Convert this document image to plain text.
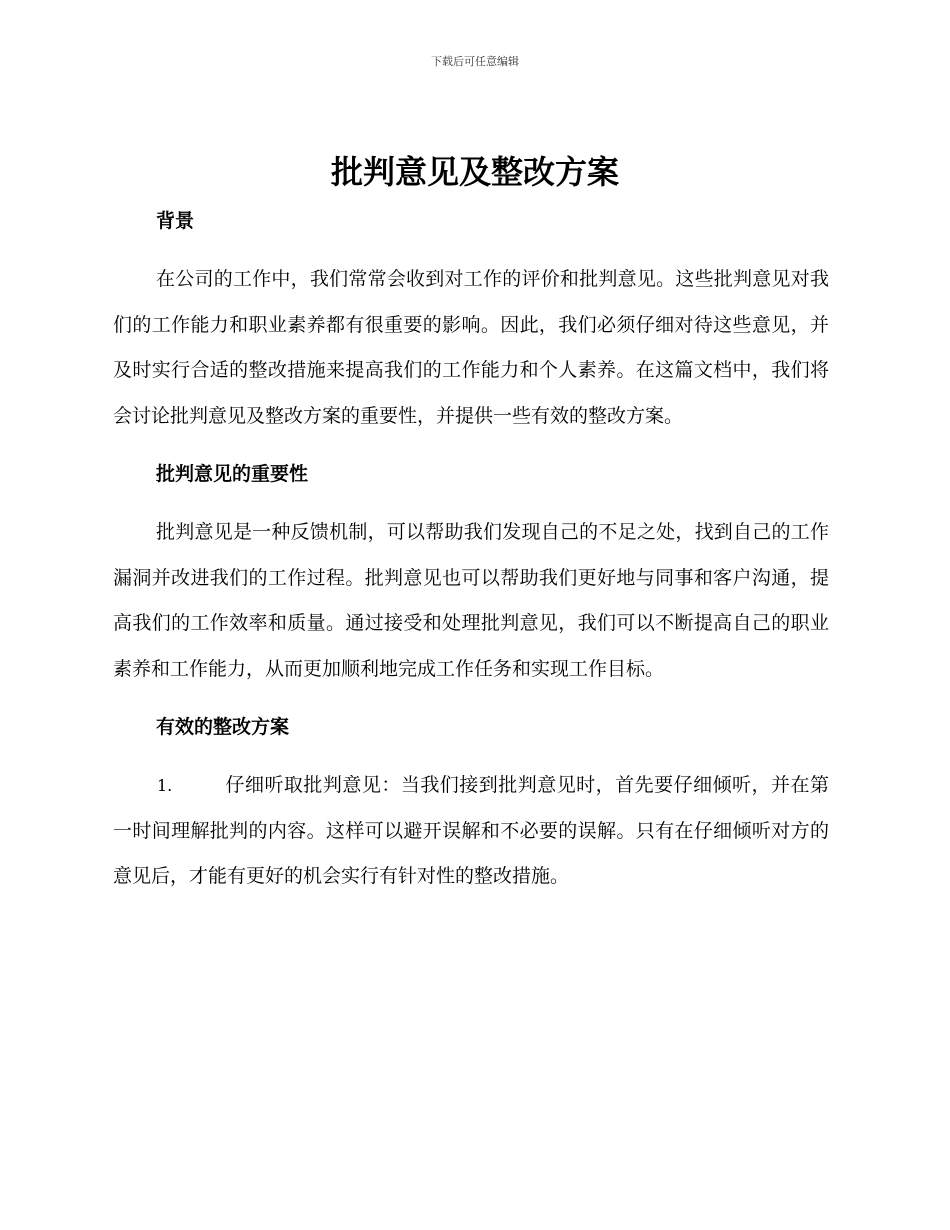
下载后可任意编辑
批判意见及整改方案
背景

在公司的工作中，我们常常会收到对工作的评价和批判意见。这些批判意见对我们的工作能力和职业素养都有很重要的影响。因此，我们必须仔细对待这些意见，并及时实行合适的整改措施来提高我们的工作能力和个人素养。在这篇文档中，我们将会讨论批判意见及整改方案的重要性，并提供一些有效的整改方案。

批判意见的重要性

批判意见是一种反馈机制，可以帮助我们发现自己的不足之处，找到自己的工作漏洞并改进我们的工作过程。批判意见也可以帮助我们更好地与同事和客户沟通，提高我们的工作效率和质量。通过接受和处理批判意见，我们可以不断提高自己的职业素养和工作能力，从而更加顺利地完成工作任务和实现工作目标。

有效的整改方案

1.	仔细听取批判意见：当我们接到批判意见时，首先要仔细倾听，并在第一时间理解批判的内容。这样可以避开误解和不必要的误解。只有在仔细倾听对方的意见后，才能有更好的机会实行有针对性的整改措施。
